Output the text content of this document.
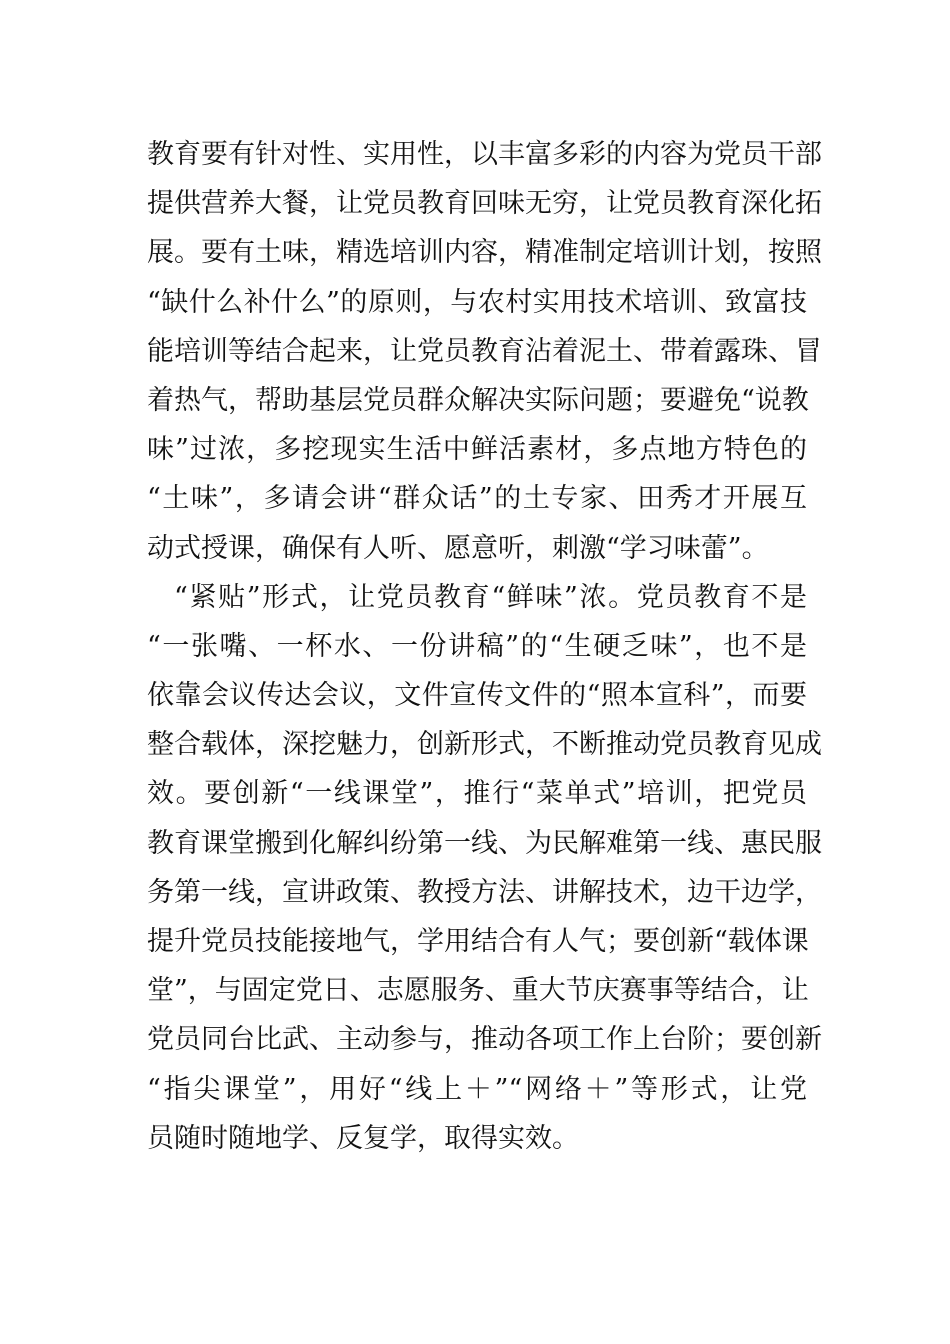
教育要有针对性、实用性，以丰富多彩的内容为党员干部
提供营养大餐，让党员教育回味无穷，让党员教育深化拓
展。要有土味，精选培训内容，精准制定培训计划，按照
“缺什么补什么”的原则，与农村实用技术培训、致富技
能培训等结合起来，让党员教育沾着泥土、带着露珠、冒
着热气，帮助基层党员群众解决实际问题；要避免“说教
味”过浓，多挖现实生活中鲜活素材，多点地方特色的
“土味”，多请会讲“群众话”的土专家、田秀才开展互
动式授课，确保有人听、愿意听，刺激“学习味蕾”。
“紧贴”形式，让党员教育“鲜味”浓。党员教育不是
“一张嘴、一杯水、一份讲稿”的“生硬乏味”，也不是
依靠会议传达会议，文件宣传文件的“照本宣科”，而要
整合载体，深挖魅力，创新形式，不断推动党员教育见成
效。要创新“一线课堂”，推行“菜单式”培训，把党员
教育课堂搬到化解纠纷第一线、为民解难第一线、惠民服
务第一线，宣讲政策、教授方法、讲解技术，边干边学，
提升党员技能接地气，学用结合有人气；要创新“载体课
堂”，与固定党日、志愿服务、重大节庆赛事等结合，让
党员同台比武、主动参与，推动各项工作上台阶；要创新
“指尖课堂”，用好“线上＋”“网络＋”等形式，让党
员随时随地学、反复学，取得实效。
